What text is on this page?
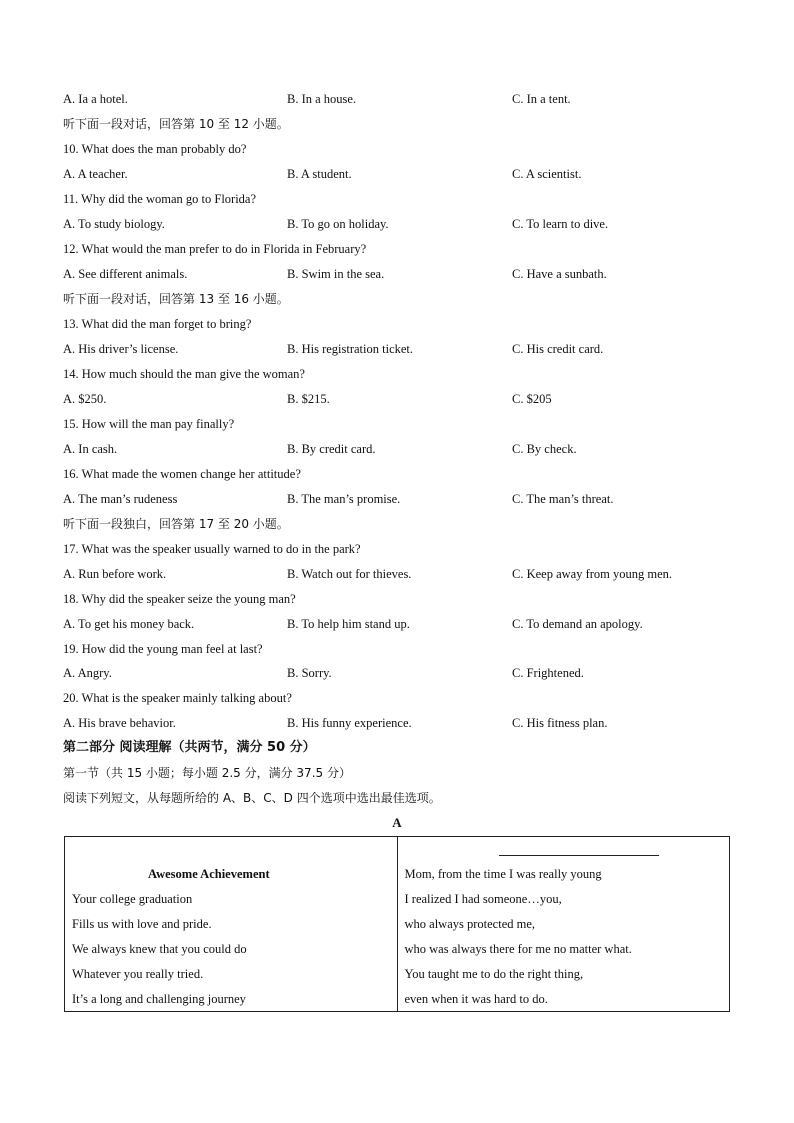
A. Ia a hotel.	B. In a house.	C. In a tent.
听下面一段对话，回答第 10 至 12 小题。
10. What does the man probably do?
A. A teacher.	B. A student.	C. A scientist.
11. Why did the woman go to Florida?
A. To study biology.	B. To go on holiday.	C. To learn to dive.
12. What would the man prefer to do in Florida in February?
A. See different animals.	B. Swim in the sea.	C. Have a sunbath.
听下面一段对话，回答第 13 至 16 小题。
13. What did the man forget to bring?
A. His driver’s license.	B. His registration ticket.	C. His credit card.
14. How much should the man give the woman?
A. $250.	B. $215.	C. $205
15. How will the man pay finally?
A. In cash.	B. By credit card.	C. By check.
16. What made the women change her attitude?
A. The man’s rudeness	B. The man’s promise.	C. The man’s threat.
听下面一段独白，回答第 17 至 20 小题。
17. What was the speaker usually warned to do in the park?
A. Run before work.	B. Watch out for thieves.	C. Keep away from young men.
18. Why did the speaker seize the young man?
A. To get his money back.	B. To help him stand up.	C. To demand an apology.
19. How did the young man feel at last?
A. Angry.	B. Sorry.	C. Frightened.
20. What is the speaker mainly talking about?
A. His brave behavior.	B. His funny experience.	C. His fitness plan.
第二部分 阅读理解（共两节，满分 50 分）
第一节（共 15 小题；每小题 2.5 分，满分 37.5 分）
阅读下列短文，从每题所给的 A、B、C、D 四个选项中选出最佳选项。
A
Awesome Achievement
Your college graduation
Fills us with love and pride.
We always knew that you could do
Whatever you really tried.
It’s a long and challenging journey

Mom, from the time I was really young
I realized I had someone…you,
who always protected me,
who was always there for me no matter what.
You taught me to do the right thing,
even when it was hard to do.
